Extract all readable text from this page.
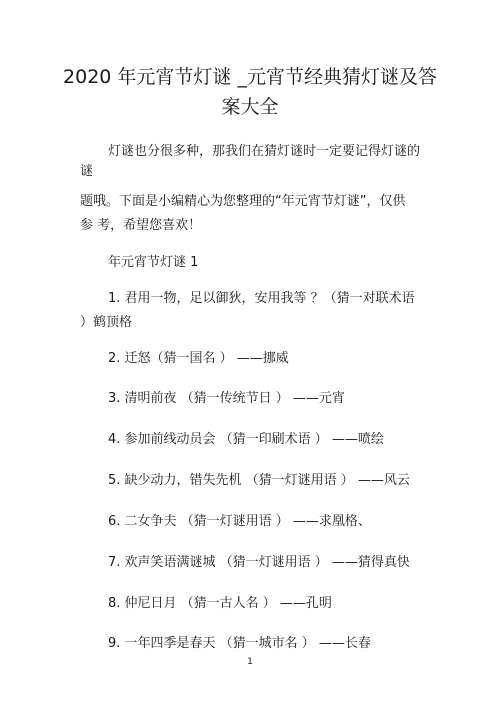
2020 年元宵节灯谜 _元宵节经典猜灯谜及答
案大全

灯谜也分很多种，那我们在猜灯谜时一定要记得灯谜的

谜

题哦。下面是小编精心为您整理的“年元宵节灯谜”，仅供

参 考，希望您喜欢！

年元宵节灯谜 1

1. 君用一物，足以御狄，安用我等 ？（猜一对联术语

）鹤顶格

2. 迁怒（猜一国名 ） ——挪威

3. 清明前夜 （猜一传统节日 ） ——元宵

4. 参加前线动员会 （猜一印刷术语 ） ——喷绘

5. 缺少动力，错失先机 （猜一灯谜用语 ） ——风云

6. 二女争夫 （猜一灯谜用语 ） ——求凰格、

7. 欢声笑语满谜城 （猜一灯谜用语 ） ——猜得真快

8. 仲尼日月 （猜一古人名 ） ——孔明

9. 一年四季是春天 （猜一城市名 ） ——长春

1
